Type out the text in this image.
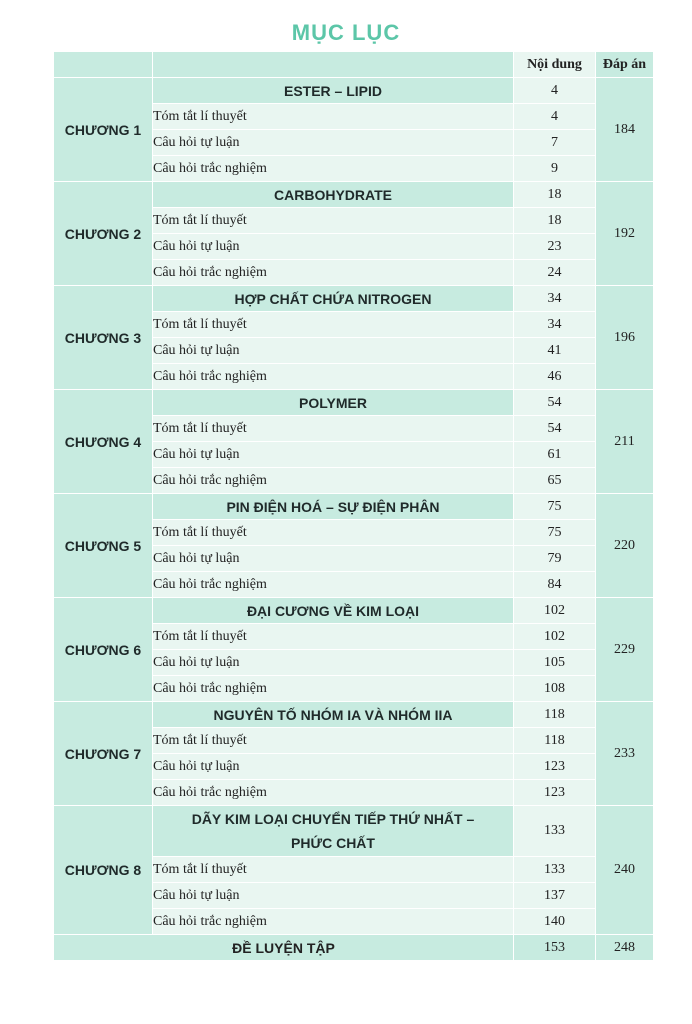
MỤC LỤC
		Nội dung	Đáp án
CHƯƠNG 1	ESTER – LIPID	4	184
	Tóm tắt lí thuyết	4	
	Câu hỏi tự luận	7	
	Câu hỏi trắc nghiệm	9	
CHƯƠNG 2	CARBOHYDRATE	18	192
	Tóm tắt lí thuyết	18	
	Câu hỏi tự luận	23	
	Câu hỏi trắc nghiệm	24	
CHƯƠNG 3	HỢP CHẤT CHỨA NITROGEN	34	196
	Tóm tắt lí thuyết	34	
	Câu hỏi tự luận	41	
	Câu hỏi trắc nghiệm	46	
CHƯƠNG 4	POLYMER	54	211
	Tóm tắt lí thuyết	54	
	Câu hỏi tự luận	61	
	Câu hỏi trắc nghiệm	65	
CHƯƠNG 5	PIN ĐIỆN HOÁ – SỰ ĐIỆN PHÂN	75	220
	Tóm tắt lí thuyết	75	
	Câu hỏi tự luận	79	
	Câu hỏi trắc nghiệm	84	
CHƯƠNG 6	ĐẠI CƯƠNG VỀ KIM LOẠI	102	229
	Tóm tắt lí thuyết	102	
	Câu hỏi tự luận	105	
	Câu hỏi trắc nghiệm	108	
CHƯƠNG 7	NGUYÊN TỐ NHÓM IA VÀ NHÓM IIA	118	233
	Tóm tắt lí thuyết	118	
	Câu hỏi tự luận	123	
	Câu hỏi trắc nghiệm	123	
CHƯƠNG 8	DÃY KIM LOẠI CHUYỂN TIẾP THỨ NHẤT –
PHỨC CHẤT	133	240
	Tóm tắt lí thuyết	133	
	Câu hỏi tự luận	137	
	Câu hỏi trắc nghiệm	140	
ĐỀ LUYỆN TẬP		153	248
